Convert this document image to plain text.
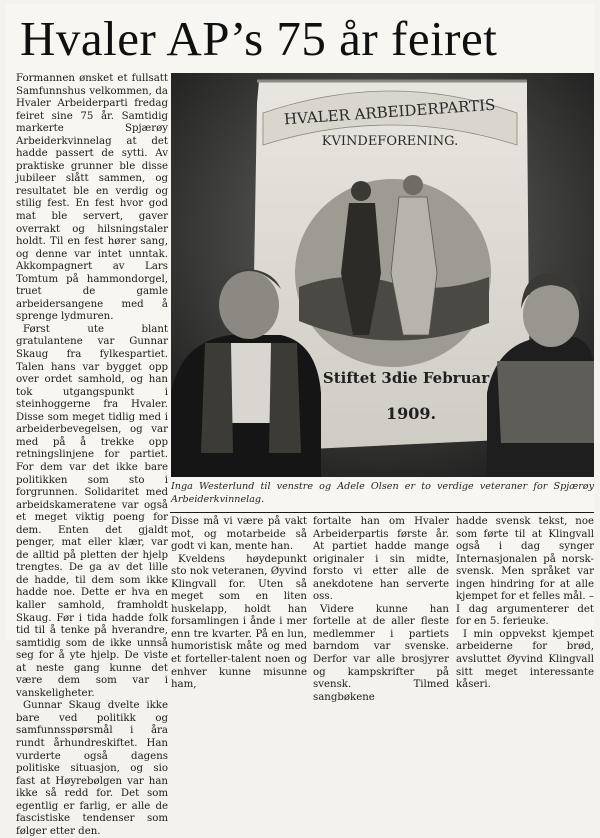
Hvaler AP’s 75 år feiret

Formannen ønsket et fullsatt Samfunnshus velkommen, da Hvaler Arbeiderparti fredag feiret sine 75 år. Samtidig markerte Spjærøy Arbeiderkvinnelag at det hadde passert de sytti. Av praktiske grunner ble disse jubileer slått sammen, og resultatet ble en verdig og stilig fest. En fest hvor god mat ble servert, gaver overrakt og hilsningstaler holdt. Til en fest hører sang, og denne var intet unntak. Akkompagnert av Lars Tomtum på hammondorgel, truet de gamle arbeidersangene med å sprenge lydmuren.

Først ute blant gratulantene var Gunnar Skaug fra fylkespartiet. Talen hans var bygget opp over ordet samhold, og han tok utgangspunkt i steinhoggerne fra Hvaler. Disse som meget tidlig med i arbeiderbevegelsen, og var med på å trekke opp retningslinjene for partiet. For dem var det ikke bare politikken som sto i forgrunnen. Solidaritet med arbeidskameratene var også et meget viktig poeng for dem. Enten det gjaldt penger, mat eller klær, var de alltid på pletten der hjelp trengtes. De ga av det lille de hadde, til dem som ikke hadde noe. Dette er hva en kaller samhold, framholdt Skaug. Før i tida hadde folk tid til å tenke på hverandre, samtidig som de ikke unnså seg for å yte hjelp. De viste at neste gang kunne det være dem som var i vanskeligheter.

Gunnar Skaug dvelte ikke bare ved politikk og samfunnsspørsmål i åra rundt århundreskiftet. Han vurderte også dagens politiske situasjon, og sio fast at Høyrebølgen var han ikke så redd for. Det som egentlig er farlig, er alle de fascistiske tendenser som følger etter den.

HVALER ARBEIDERPARTIS
KVINDEFORENING.
Stiftet 3die Februar
1909.
Inga Westerlund til venstre og Adele Olsen er to verdige veteraner for Spjærøy Arbeiderkvinnelag.

Disse må vi være på vakt mot, og motarbeide så godt vi kan, mente han.

Kveldens høydepunkt sto nok veteranen, Øyvind Klingvall for. Uten så meget som en liten huskelapp, holdt han forsamlingen i ånde i mer enn tre kvarter. På en lun, humoristisk måte og med et forteller-talent noen og enhver kunne misunne ham,

fortalte han om Hvaler Arbeiderpartis første år. At partiet hadde mange originaler i sin midte, forsto vi etter alle de anekdotene han serverte oss.

Videre kunne han fortelle at de aller fleste medlemmer i partiets barndom var svenske. Derfor var alle brosjyrer og kampskrifter på svensk. Tilmed sangbøkene

hadde svensk tekst, noe som førte til at Klingvall også i dag synger Internasjonalen på norsk-svensk. Men språket var ingen hindring for at alle kjempet for et felles mål. – I dag argumenterer det for en 5. ferieuke.

I min oppvekst kjempet arbeiderne for brød, avsluttet Øyvind Klingvall sitt meget interessante kåseri.
